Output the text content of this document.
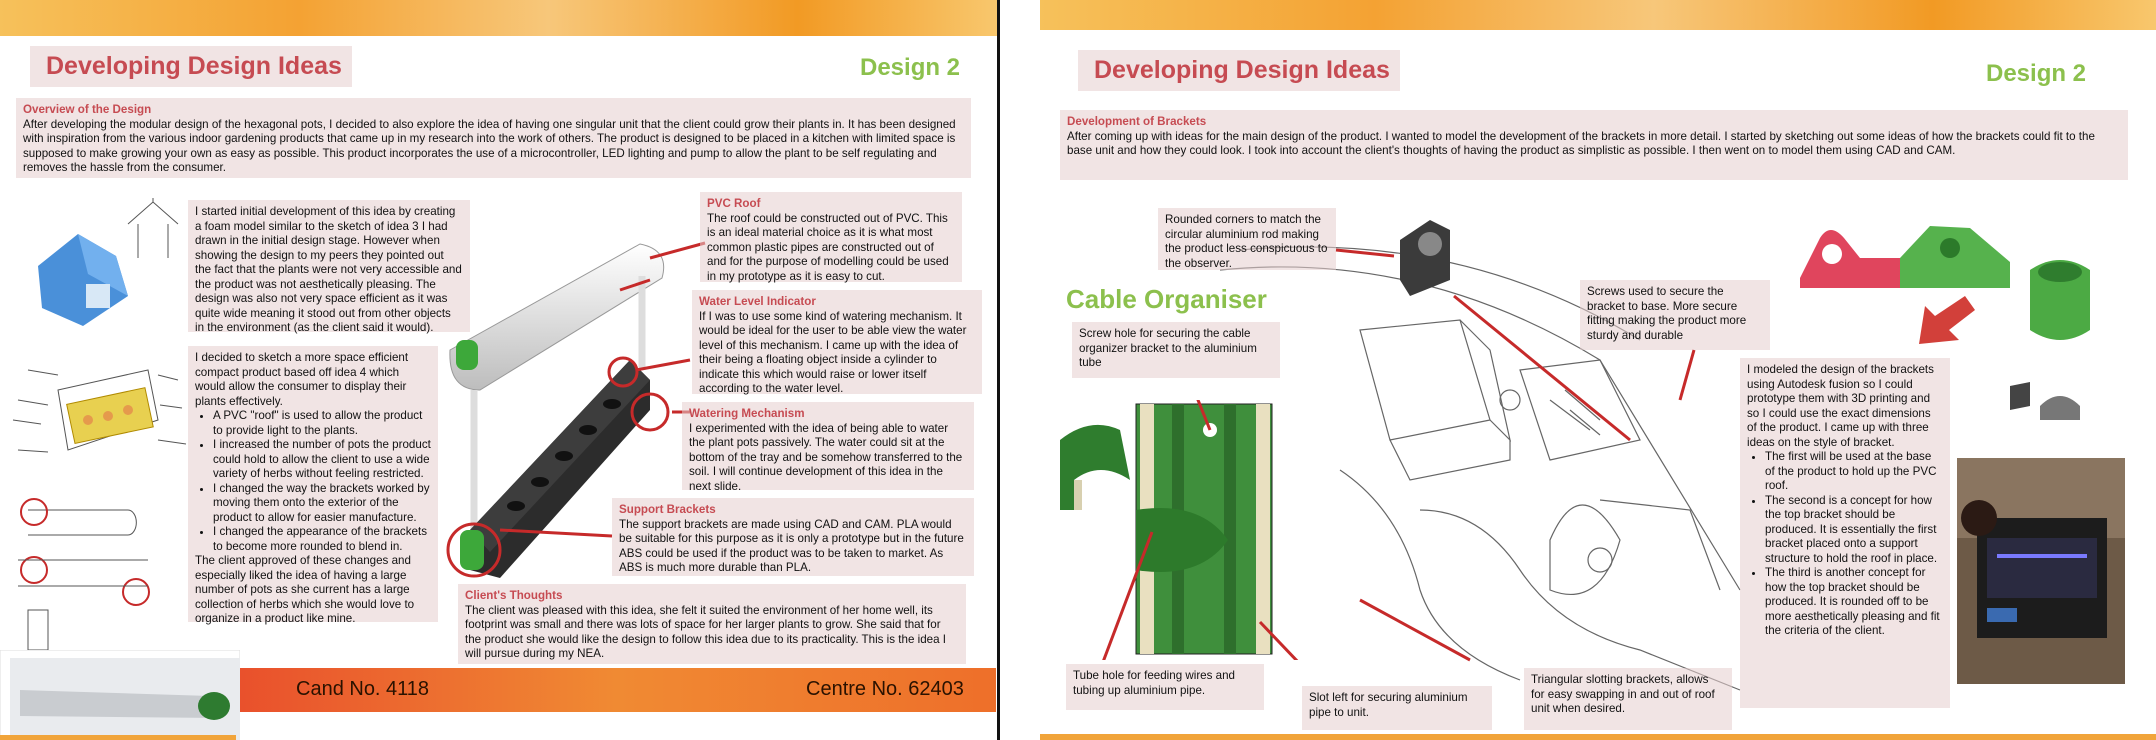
Developing Design Ideas	Design 2
Overview of the Design
After developing the modular design of the hexagonal pots, I decided to also explore the idea of having one singular unit that the client could grow their plants in. It has been designed with inspiration from the various indoor gardening products that came up in my research into the work of others. The product is designed to be placed in a kitchen with limited space is supposed to make growing your own as easy as possible. This product incorporates the use of a microcontroller, LED lighting and pump to allow the plant to be self regulating and removes the hassle from the consumer.
I started initial development of this idea by creating a foam model similar to the sketch of idea 3 I had drawn in the initial design stage. However when showing the design to my peers they pointed out the fact that the plants were not very accessible and the product was not aesthetically pleasing. The design was also not very space efficient as it was quite wide meaning it stood out from other objects in the environment (as the client said it would).
I decided to sketch a more space efficient compact product based off idea 4 which would allow the consumer to display their plants effectively.
• A PVC "roof" is used to allow the product to provide light to the plants.
• I increased the number of pots the product could hold to allow the client to use a wide variety of herbs without feeling restricted.
• I changed the way the brackets worked by moving them onto the exterior of the product to allow for easier manufacture.
• I changed the appearance of the brackets to become more rounded to blend in.
The client approved of these changes and especially liked the idea of having a large number of pots as she current has a large collection of herbs which she would love to organize in a product like mine.
PVC Roof
The roof could be constructed out of PVC. This is an ideal material choice as it is what most common plastic pipes are constructed out of and for the purpose of modelling could be used in my prototype as it is easy to cut.
Water Level Indicator
If I was to use some kind of watering mechanism. It would be ideal for the user to be able view the water level of this mechanism. I came up with the idea of their being a floating object inside a cylinder to indicate this which would raise or lower itself according to the water level.
Watering Mechanism
I experimented with the idea of being able to water the plant pots passively. The water could sit at the bottom of the tray and be somehow transferred to the soil. I will continue development of this idea in the next slide.
Support Brackets
The support brackets are made using CAD and CAM. PLA would be suitable for this purpose as it is only a prototype but in the future ABS could be used if the product was to be taken to market. As ABS is much more durable than PLA.
Client's Thoughts
The client was pleased with this idea, she felt it suited the environment of her home well, its footprint was small and there was lots of space for her larger plants to grow. She said that for the product she would like the design to follow this idea due to its practicality. This is the idea I will pursue during my NEA.
Cand No. 4118	Centre No. 62403
Developing Design Ideas	Design 2
Development of Brackets
After coming up with ideas for the main design of the product. I wanted to model the development of the brackets in more detail. I started by sketching out some ideas of how the brackets could fit to the base unit and how they could look. I took into account the client's thoughts of having the product as simplistic as possible. I then went on to model them using CAD and CAM.
Rounded corners to match the circular aluminium rod making the product less conspicuous to the observer.
Cable Organiser
Screw hole for securing the cable organizer bracket to the aluminium tube
Screws used to secure the bracket to base. More secure fitting making the product more sturdy and durable
I modeled the design of the brackets using Autodesk fusion so I could prototype them with 3D printing and so I could use the exact dimensions of the product. I came up with three ideas on the style of bracket.
• The first will be used at the base of the product to hold up the PVC roof.
• The second is a concept for how the top bracket should be produced. It is essentially the first bracket placed onto a support structure to hold the roof in place.
• The third is another concept for how the top bracket should be produced. It is rounded off to be more aesthetically pleasing and fit the criteria of the client.
Tube hole for feeding wires and tubing up aluminium pipe.
Slot left for securing aluminium pipe to unit.
Triangular slotting brackets, allows for easy swapping in and out of roof unit when desired.
